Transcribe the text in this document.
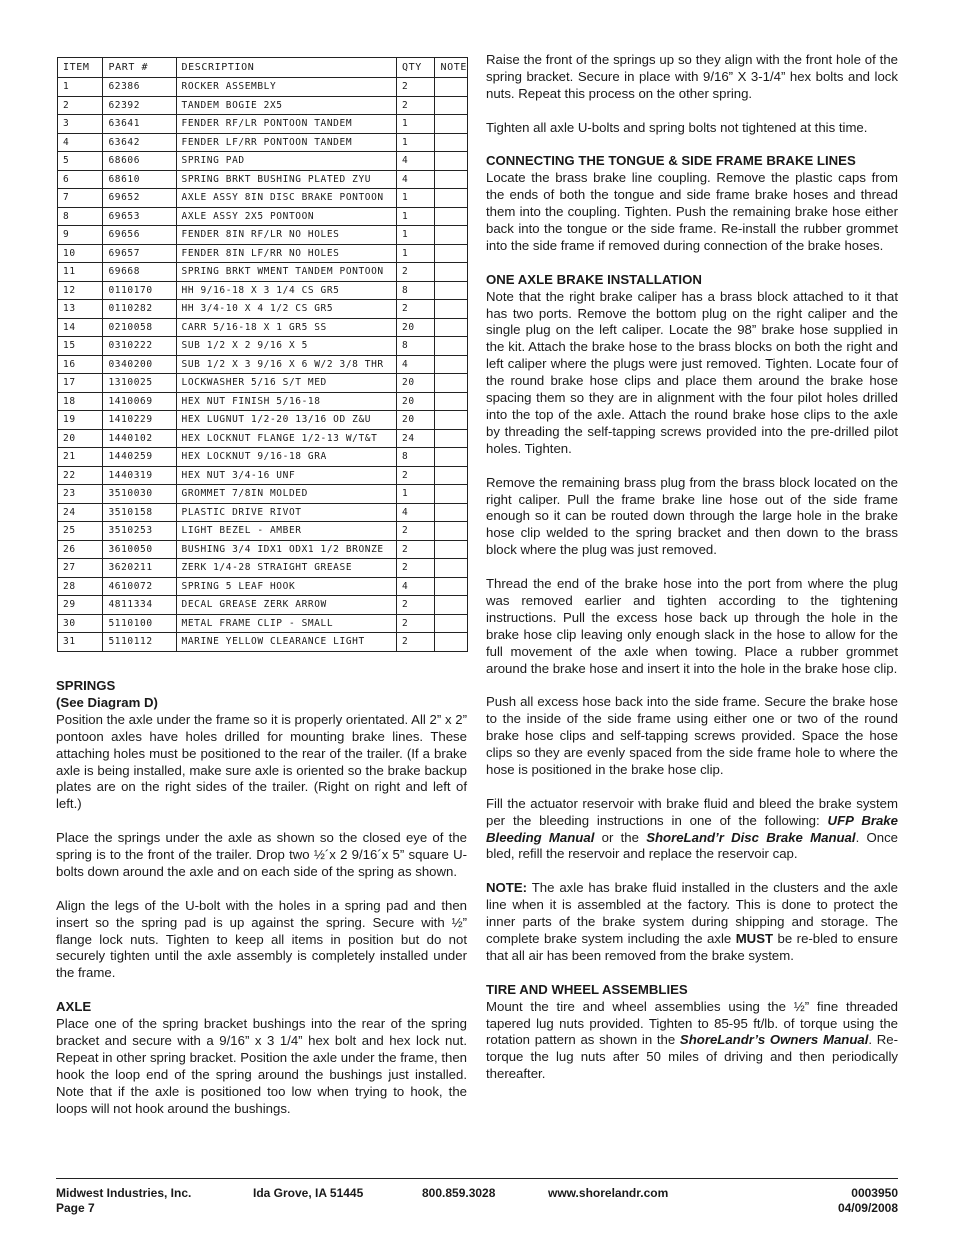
ITEM	PART #	DESCRIPTION	QTY	NOTE
1	62386	ROCKER ASSEMBLY	2	
2	62392	TANDEM BOGIE 2X5	2	
3	63641	FENDER RF/LR PONTOON TANDEM	1	
4	63642	FENDER LF/RR PONTOON TANDEM	1	
5	68606	SPRING PAD	4	
6	68610	SPRING BRKT BUSHING PLATED ZYU	4	
7	69652	AXLE ASSY 8IN DISC BRAKE PONTOON	1	
8	69653	AXLE ASSY 2X5 PONTOON	1	
9	69656	FENDER 8IN RF/LR NO HOLES	1	
10	69657	FENDER 8IN LF/RR NO HOLES	1	
11	69668	SPRING BRKT WMENT TANDEM PONTOON	2	
12	0110170	HH 9/16-18 X 3 1/4 CS GR5	8	
13	0110282	HH 3/4-10 X 4 1/2 CS GR5	2	
14	0210058	CARR 5/16-18 X 1 GR5 SS	20	
15	0310222	SUB 1/2 X 2 9/16 X 5	8	
16	0340200	SUB 1/2 X 3 9/16 X 6 W/2 3/8 THR	4	
17	1310025	LOCKWASHER 5/16 S/T MED	20	
18	1410069	HEX NUT FINISH 5/16-18	20	
19	1410229	HEX LUGNUT 1/2-20 13/16 OD Z&U	20	
20	1440102	HEX LOCKNUT FLANGE 1/2-13 W/T&T	24	
21	1440259	HEX LOCKNUT 9/16-18 GRA	8	
22	1440319	HEX NUT 3/4-16 UNF	2	
23	3510030	GROMMET 7/8IN MOLDED	1	
24	3510158	PLASTIC DRIVE RIVOT	4	
25	3510253	LIGHT BEZEL - AMBER	2	
26	3610050	BUSHING 3/4 IDX1 ODX1 1/2 BRONZE	2	
27	3620211	ZERK 1/4-28 STRAIGHT GREASE	2	
28	4610072	SPRING 5 LEAF HOOK	4	
29	4811334	DECAL GREASE ZERK ARROW	2	
30	5110100	METAL FRAME CLIP - SMALL	2	
31	5110112	MARINE YELLOW CLEARANCE LIGHT	2	
SPRINGS
(See Diagram D)

Position the axle under the frame so it is properly orientated. All 2” x 2” pontoon axles have holes drilled for mounting brake lines. These attaching holes must be positioned to the rear of the trailer. (If a brake axle is being installed, make sure axle is oriented so the brake backup plates are on the right sides of the trailer. (Right on right and left of left.)

Place the springs under the axle as shown so the closed eye of the spring is to the front of the trailer. Drop two ½´x 2 9/16´x 5” square U-bolts down around the axle and on each side of the spring as shown.

Align the legs of the U-bolt with the holes in a spring pad and then insert so the spring pad is up against the spring. Secure with ½” flange lock nuts. Tighten to keep all items in position but do not securely tighten until the axle assembly is completely installed under the frame.

AXLE

Place one of the spring bracket bushings into the rear of the spring bracket and secure with a 9/16” x 3 1/4” hex bolt and hex lock nut. Repeat in other spring bracket. Position the axle under the frame, then hook the loop end of the spring around the bushings just installed. Note that if the axle is positioned too low when trying to hook, the loops will not hook around the bushings.

Raise the front of the springs up so they align with the front hole of the spring bracket. Secure in place with 9/16” X 3-1/4” hex bolts and lock nuts. Repeat this process on the other spring.

Tighten all axle U-bolts and spring bolts not tightened at this time.

CONNECTING THE TONGUE & SIDE FRAME BRAKE LINES

Locate the brass brake line coupling. Remove the plastic caps from the ends of both the tongue and side frame brake hoses and thread them into the coupling. Tighten. Push the remaining brake hose either back into the tongue or the side frame. Re-install the rubber grommet into the side frame if removed during connection of the brake hoses.

ONE AXLE BRAKE INSTALLATION

Note that the right brake caliper has a brass block attached to it that has two ports. Remove the bottom plug on the right caliper and the single plug on the left caliper. Locate the 98” brake hose supplied in the kit. Attach the brake hose to the brass blocks on both the right and left caliper where the plugs were just removed. Tighten. Locate four of the round brake hose clips and place them around the brake hose spacing them so they are in alignment with the four pilot holes drilled into the top of the axle. Attach the round brake hose clips to the axle by threading the self-tapping screws provided into the pre-drilled pilot holes. Tighten.

Remove the remaining brass plug from the brass block located on the right caliper. Pull the frame brake line hose out of the side frame enough so it can be routed down through the large hole in the brake hose clip welded to the spring bracket and then down to the brass block where the plug was just removed.

Thread the end of the brake hose into the port from where the plug was removed earlier and tighten according to the tightening instructions. Pull the excess hose back up through the hole in the brake hose clip leaving only enough slack in the hose to allow for the full movement of the axle when towing. Place a rubber grommet around the brake hose and insert it into the hole in the brake hose clip.

Push all excess hose back into the side frame. Secure the brake hose to the inside of the side frame using either one or two of the round brake hose clips and self-tapping screws provided. Space the hose clips so they are evenly spaced from the side frame hole to where the hose is positioned in the brake hose clip.

Fill the actuator reservoir with brake fluid and bleed the brake system per the bleeding instructions in one of the following: UFP Brake Bleeding Manual or the ShoreLand’r Disc Brake Manual. Once bled, refill the reservoir and replace the reservoir cap.

NOTE: The axle has brake fluid installed in the clusters and the axle line when it is assembled at the factory. This is done to protect the inner parts of the brake system during shipping and storage. The complete brake system including the axle MUST be re-bled to ensure that all air has been removed from the brake system.

TIRE AND WHEEL ASSEMBLIES

Mount the tire and wheel assemblies using the ½” fine threaded tapered lug nuts provided. Tighten to 85-95 ft/lb. of torque using the rotation pattern as shown in the ShoreLandr’s Owners Manual. Re-torque the lug nuts after 50 miles of driving and then periodically thereafter.

Midwest Industries, Inc.
Page 7
Ida Grove, IA 51445	800.859.3028	www.shorelandr.com	0003950
04/09/2008
